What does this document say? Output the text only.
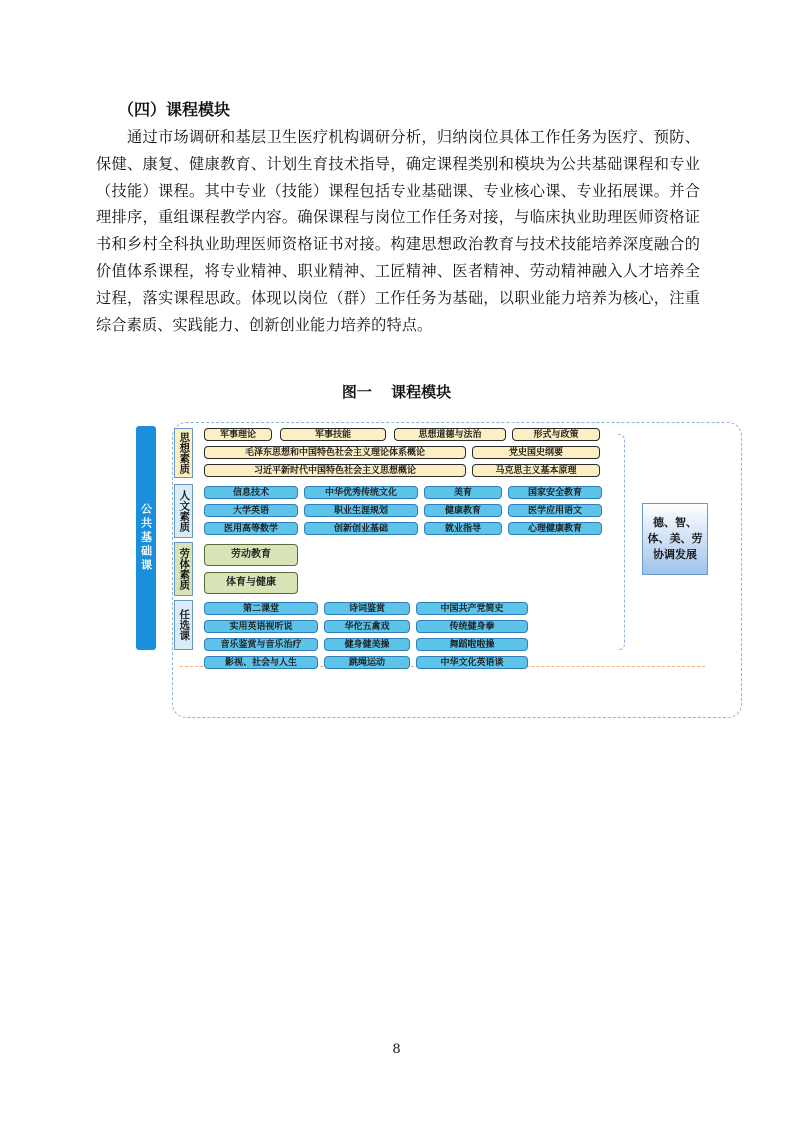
（四）课程模块

通过市场调研和基层卫生医疗机构调研分析，归纳岗位具体工作任务为医疗、预防、保健、康复、健康教育、计划生育技术指导，确定课程类别和模块为公共基础课程和专业（技能）课程。其中专业（技能）课程包括专业基础课、专业核心课、专业拓展课。并合理排序，重组课程教学内容。确保课程与岗位工作任务对接，与临床执业助理医师资格证书和乡村全科执业助理医师资格证书对接。构建思想政治教育与技术技能培养深度融合的价值体系课程，将专业精神、职业精神、工匠精神、医者精神、劳动精神融入人才培养全过程，落实课程思政。体现以岗位（群）工作任务为基础，以职业能力培养为核心，注重综合素质、实践能力、创新创业能力培养的特点。

图一 课程模块
公共基础课
思想素质
人文素质
劳体素质
任选课
军事理论	军事技能	思想道德与法治	形式与政策
毛泽东思想和中国特色社会主义理论体系概论	党史国史纲要
习近平新时代中国特色社会主义思想概论	马克思主义基本原理
信息技术	中华优秀传统文化	美育	国家安全教育
大学英语	职业生涯规划	健康教育	医学应用语文
医用高等数学	创新创业基础	就业指导	心理健康教育
劳动教育
体育与健康
第二课堂	诗词鉴赏	中国共产党简史
实用英语视听说	华佗五禽戏	传统健身拳
音乐鉴赏与音乐治疗	健身健美操	舞蹈啦啦操
影视、社会与人生	跳绳运动	中华文化英语谈
德、智、体、美、劳协调发展
8
